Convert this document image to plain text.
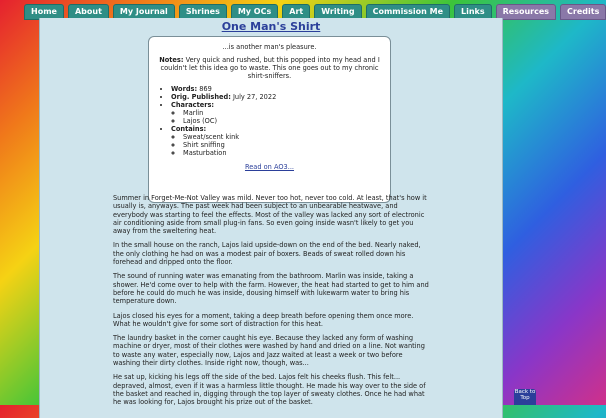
Home	About	My Journal	Shrines	My OCs	Art	Writing	Commission Me	Links	Resources	Credits
One Man's Shirt

...is another man's pleasure.

Notes: Very quick and rushed, but this popped into my head and I couldn't let this idea go to waste. This one goes out to my chronic shirt-sniffers.

• Words: 869
• Orig. Published: July 27, 2022
• Characters:
◦ Marlin
◦ Lajos (OC)
• Contains:
◦ Sweat/scent kink
◦ Shirt sniffing
◦ Masturbation
Read on AO3...

Summer in Forget-Me-Not Valley was mild. Never too hot, never too cold. At least, that's how it usually is, anyways. The past week had been subject to an unbearable heatwave, and everybody was starting to feel the effects. Most of the valley was lacked any sort of electronic air conditioning aside from small plug-in fans. So even going inside wasn't likely to get you away from the sweltering heat.

In the small house on the ranch, Lajos laid upside-down on the end of the bed. Nearly naked, the only clothing he had on was a modest pair of boxers. Beads of sweat rolled down his forehead and dripped onto the floor.

The sound of running water was emanating from the bathroom. Marlin was inside, taking a shower. He'd come over to help with the farm. However, the heat had started to get to him and before he could do much he was inside, dousing himself with lukewarm water to bring his temperature down.

Lajos closed his eyes for a moment, taking a deep breath before opening them once more. What he wouldn't give for some sort of distraction for this heat.

The laundry basket in the corner caught his eye. Because they lacked any form of washing machine or dryer, most of their clothes were washed by hand and dried on a line. Not wanting to waste any water, especially now, Lajos and Jazz waited at least a week or two before washing their dirty clothes. Inside right now, though, was...

He sat up, kicking his legs off the side of the bed. Lajos felt his cheeks flush. This felt... depraved, almost, even if it was a harmless little thought. He made his way over to the side of the basket and reached in, digging through the top layer of sweaty clothes. Once he had what he was looking for, Lajos brought his prize out of the basket.

Back to Top
